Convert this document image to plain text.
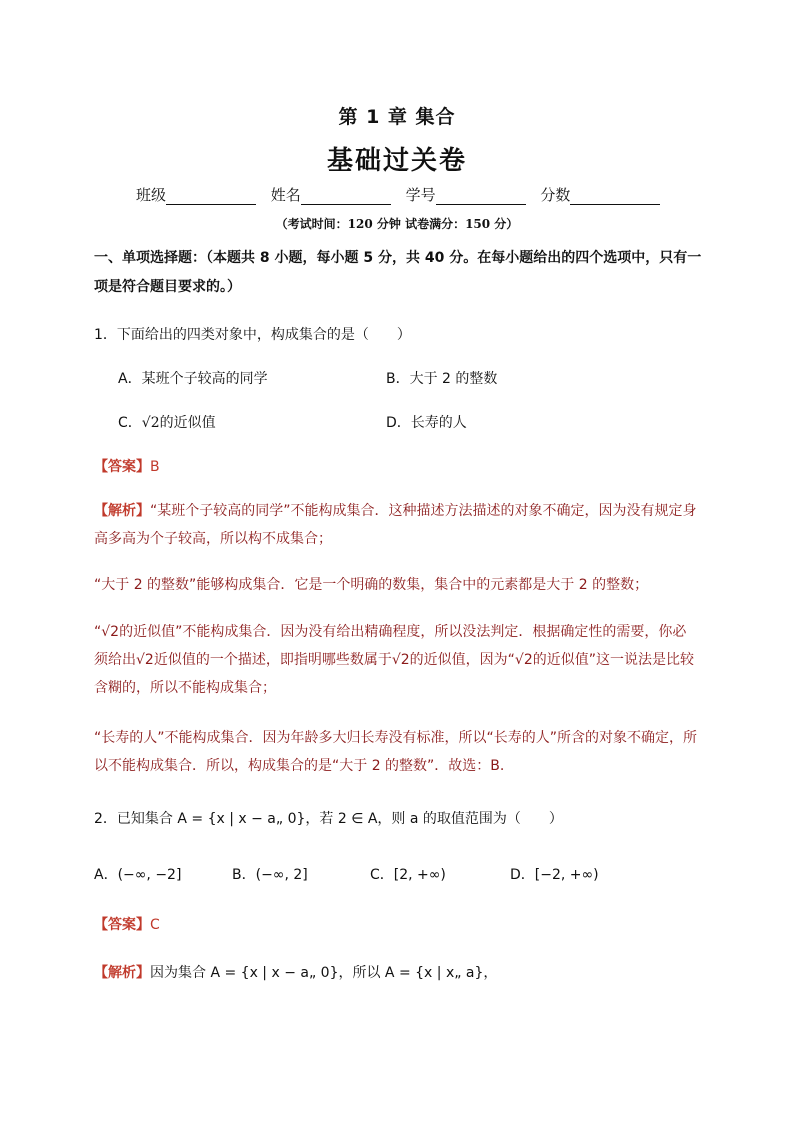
第 1 章 集合
基础过关卷
班级	姓名	学号	分数
（考试时间：120 分钟 试卷满分：150 分）
一、单项选择题：（本题共 8 小题，每小题 5 分，共 40 分。在每小题给出的四个选项中，只有一项是符合题目要求的。）
1．下面给出的四类对象中，构成集合的是（　　）
A．某班个子较高的同学	B．大于 2 的整数
C．√2的近似值	D．长寿的人
【答案】B
【解析】“某班个子较高的同学”不能构成集合．这种描述方法描述的对象不确定，因为没有规定身高多高为个子较高，所以构不成集合；
“大于 2 的整数”能够构成集合．它是一个明确的数集，集合中的元素都是大于 2 的整数；
“√2的近似值”不能构成集合．因为没有给出精确程度，所以没法判定．根据确定性的需要，你必须给出√2近似值的一个描述，即指明哪些数属于√2的近似值，因为“√2的近似值”这一说法是比较含糊的，所以不能构成集合；
“长寿的人”不能构成集合．因为年龄多大归长寿没有标准，所以“长寿的人”所含的对象不确定，所以不能构成集合．所以，构成集合的是“大于 2 的整数”．故选：B.
2．已知集合 A = {x | x − a„ 0}，若 2 ∈ A，则 a 的取值范围为（　　）
A．(−∞, −2]	B．(−∞, 2]	C．[2, +∞)	D．[−2, +∞)
【答案】C
【解析】因为集合 A = {x | x − a„ 0}，所以 A = {x | x„ a}，
